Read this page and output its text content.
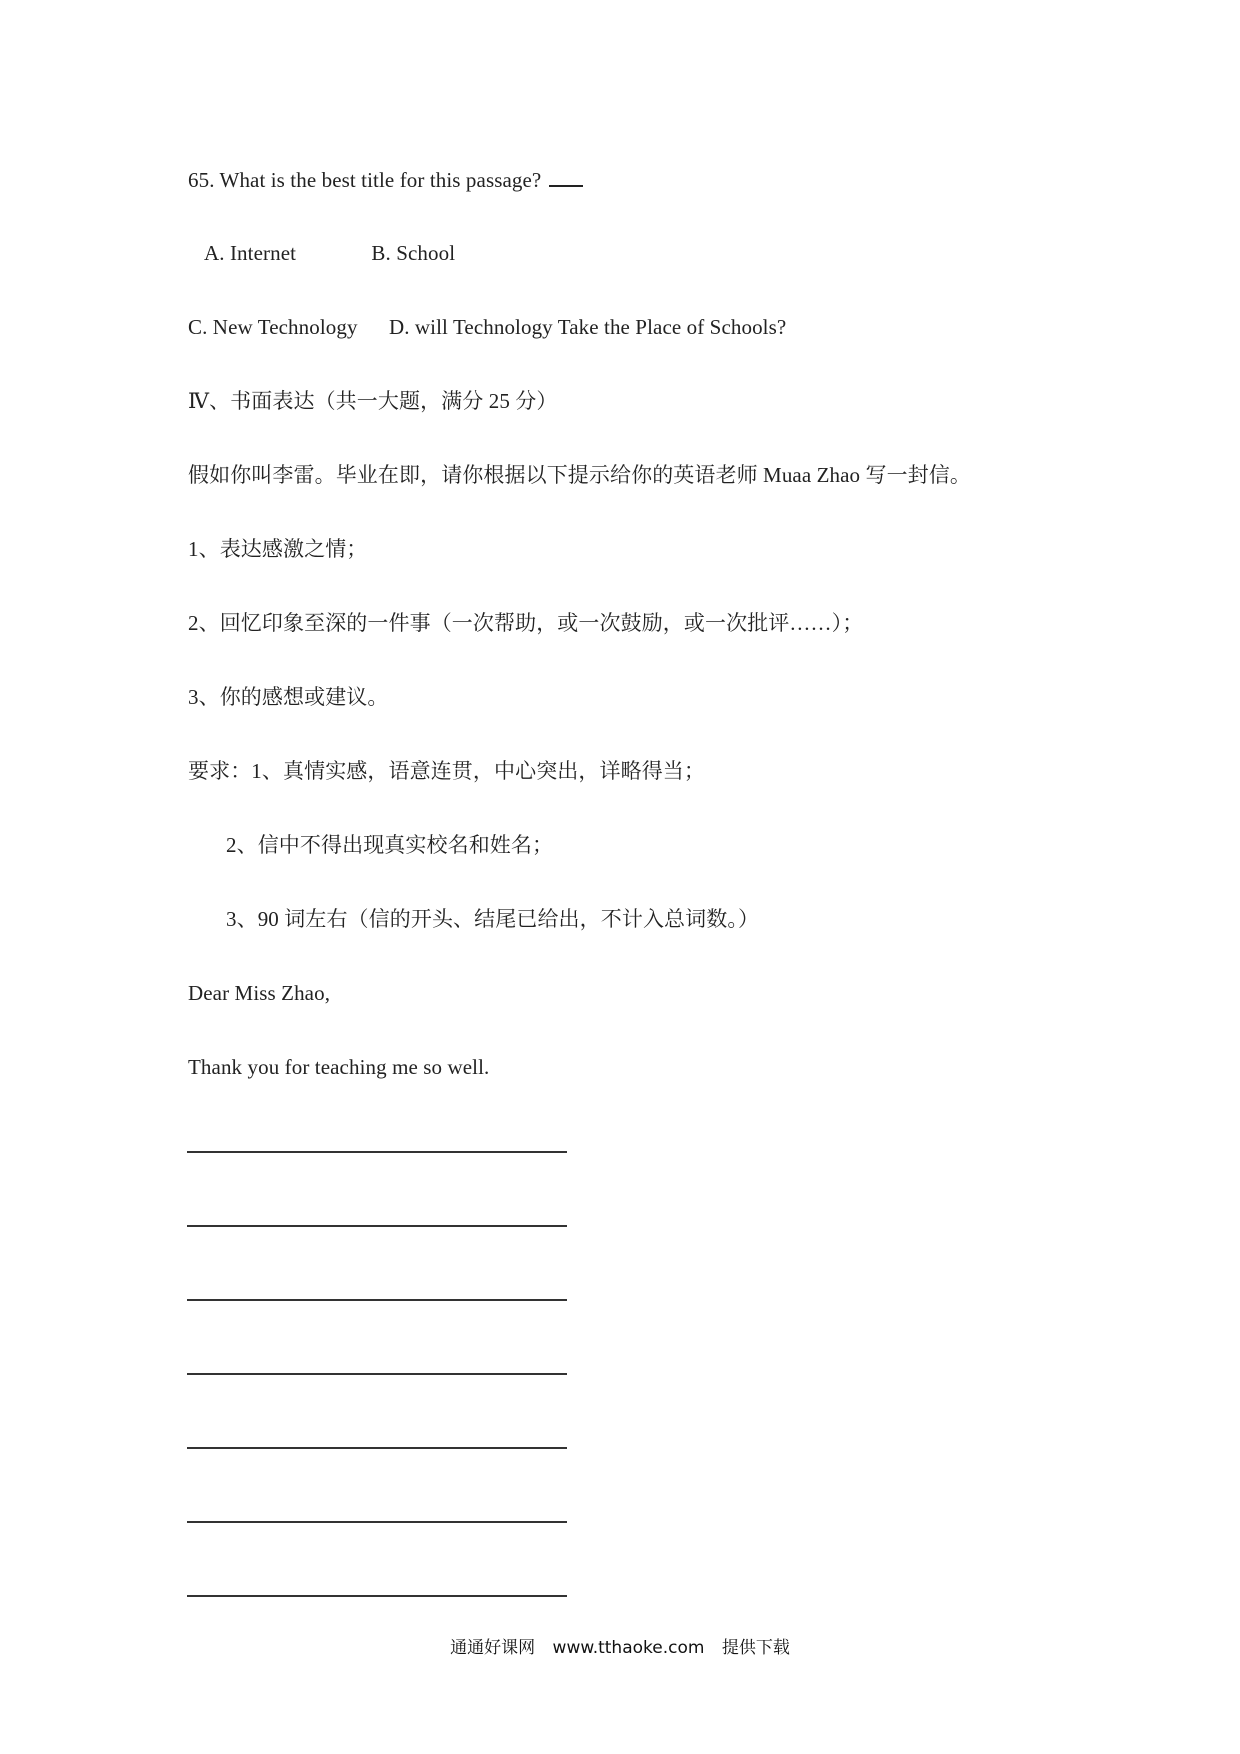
65. What is the best title for this passage?
A. Internet	B. School
C. New Technology D. will Technology Take the Place of Schools?
Ⅳ、书面表达（共一大题，满分 25 分）
假如你叫李雷。毕业在即，请你根据以下提示给你的英语老师 Muaa Zhao 写一封信。
1、表达感激之情；
2、回忆印象至深的一件事（一次帮助，或一次鼓励，或一次批评……）；
3、你的感想或建议。
要求：1、真情实感，语意连贯，中心突出，详略得当；
2、信中不得出现真实校名和姓名；
3、90 词左右（信的开头、结尾已给出，不计入总词数。）
Dear Miss Zhao,
Thank you for teaching me so well.
通通好课网 www.tthaoke.com 提供下载
